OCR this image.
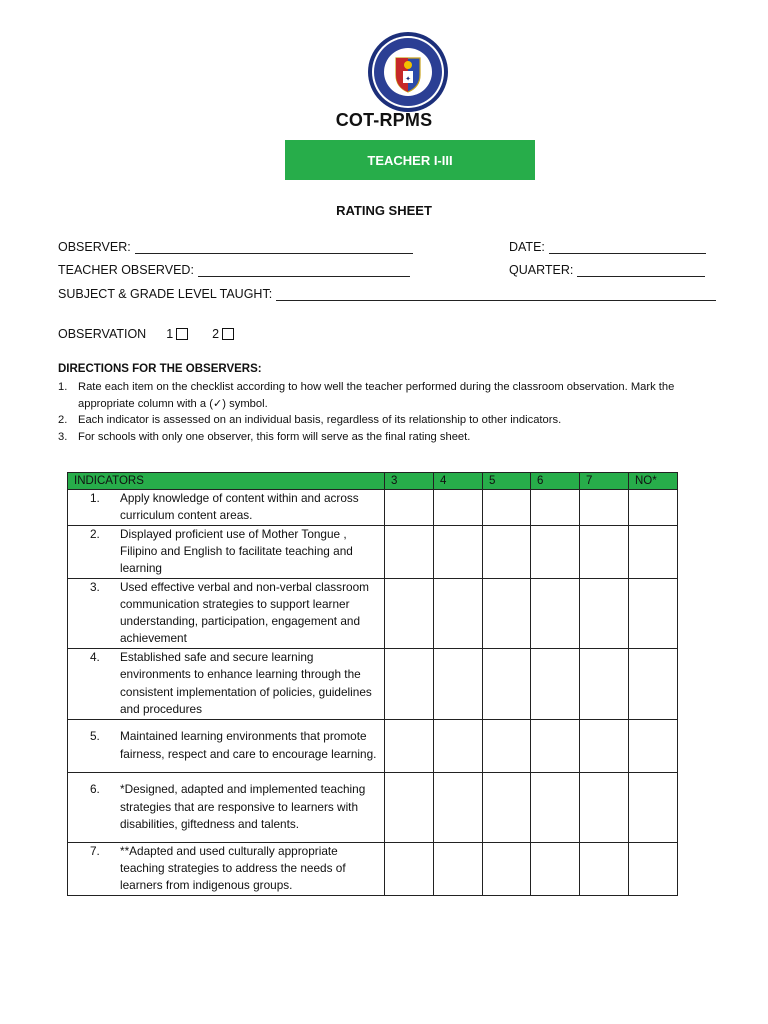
✦
COT-RPMS
TEACHER I-III
RATING SHEET
OBSERVER:	DATE:
TEACHER OBSERVED:	QUARTER:
SUBJECT & GRADE LEVEL TAUGHT:
OBSERVATION 1	2
DIRECTIONS FOR THE OBSERVERS:
1. Rate each item on the checklist according to how well the teacher performed during the classroom observation. Mark the appropriate column with a (✓) symbol.
2. Each indicator is assessed on an individual basis, regardless of its relationship to other indicators.
3. For schools with only one observer, this form will serve as the final rating sheet.
INDICATORS	3	4	5	6	7	NO*

1. Apply knowledge of content within and across curriculum content areas.						

2. Displayed proficient use of Mother Tongue , Filipino and English to facilitate teaching and learning						

3. Used effective verbal and non-verbal classroom communication strategies to support learner understanding, participation, engagement and achievement						

4. Established safe and secure learning environments to enhance learning through the consistent implementation of policies, guidelines and procedures						

5. Maintained learning environments that promote fairness, respect and care to encourage learning.						

6. *Designed, adapted and implemented teaching strategies that are responsive to learners with disabilities, giftedness and talents.						

7. **Adapted and used culturally appropriate teaching strategies to address the needs of learners from indigenous groups.						
